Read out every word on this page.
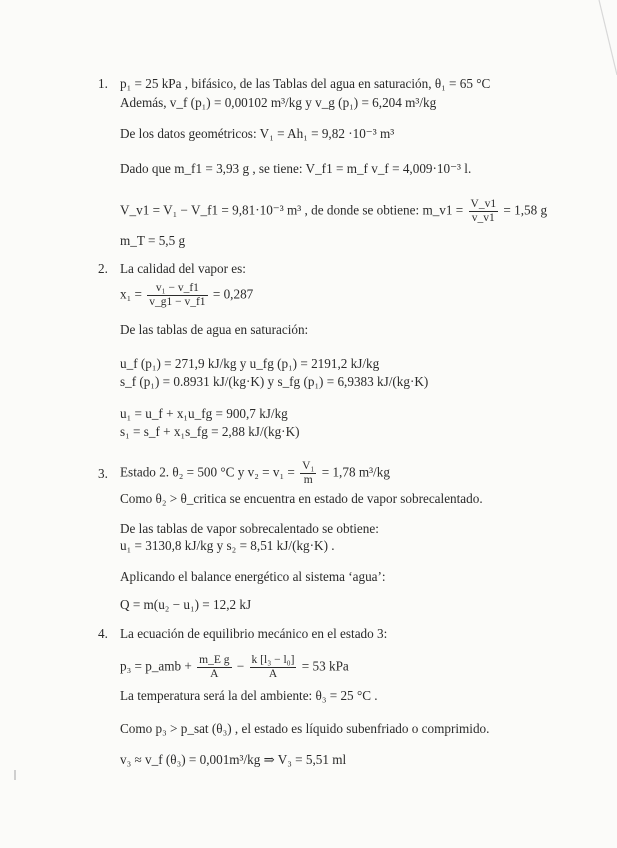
1. p₁ = 25 kPa , bifásico, de las Tablas del agua en saturación, θ₁ = 65 °C
Además, v_f (p₁) = 0,00102 m³/kg y v_g (p₁) = 6,204 m³/kg
De los datos geométricos: V₁ = Ah₁ = 9,82 ·10⁻³ m³
Dado que m_f1 = 3,93 g , se tiene: V_f1 = m_f v_f = 4,009·10⁻³ l.
V_v1 = V₁ − V_f1 = 9,81·10⁻³ m³ , de donde se obtiene: m_v1 = $\frac{V\_v1}{v\_v1} = 1,58$ g
m_T = 5,5 g
2. La calidad del vapor es:
$x_1 = \frac{\text{v₁ − v\_f1}}{v\_g1 - v\_f1} = 0,287$
De las tablas de agua en saturación:
u_f (p₁) = 271,9 kJ/kg y u_fg (p₁) = 2191,2 kJ/kg
s_f (p₁) = 0.8931 kJ/(kg·K) y s_fg (p₁) = 6,9383 kJ/(kg·K)
u₁ = u_f + x₁u_fg = 900,7 kJ/kg
s₁ = s_f + x₁s_fg = 2,88 kJ/(kg·K)
3. Estado 2. θ₂ = 500 °C y $v_2 = v_1 = \frac{\text{V₁}}{m} = 1,78$ m³/kg
Como θ₂ > θ_critica se encuentra en estado de vapor sobrecalentado.
De las tablas de vapor sobrecalentado se obtiene:
u₁ = 3130,8 kJ/kg y s₂ = 8,51 kJ/(kg·K) .
Aplicando el balance energético al sistema ‘agua’:
Q = m(u₂ − u₁) = 12,2 kJ
4. La ecuación de equilibrio mecánico en el estado 3:
p₃ = p_amb + $\frac{\text{m\_E g}}{A} - \frac{\text{k [l₃ − l₀]}}{A} = 53$ kPa
La temperatura será la del ambiente: θ₃ = 25 °C .
Como p₃ > p_sat (θ₃) , el estado es líquido subenfriado o comprimido.
v₃ ≈ v_f (θ₃) = 0,001m³/kg ⇒ V₃ = 5,51 ml
